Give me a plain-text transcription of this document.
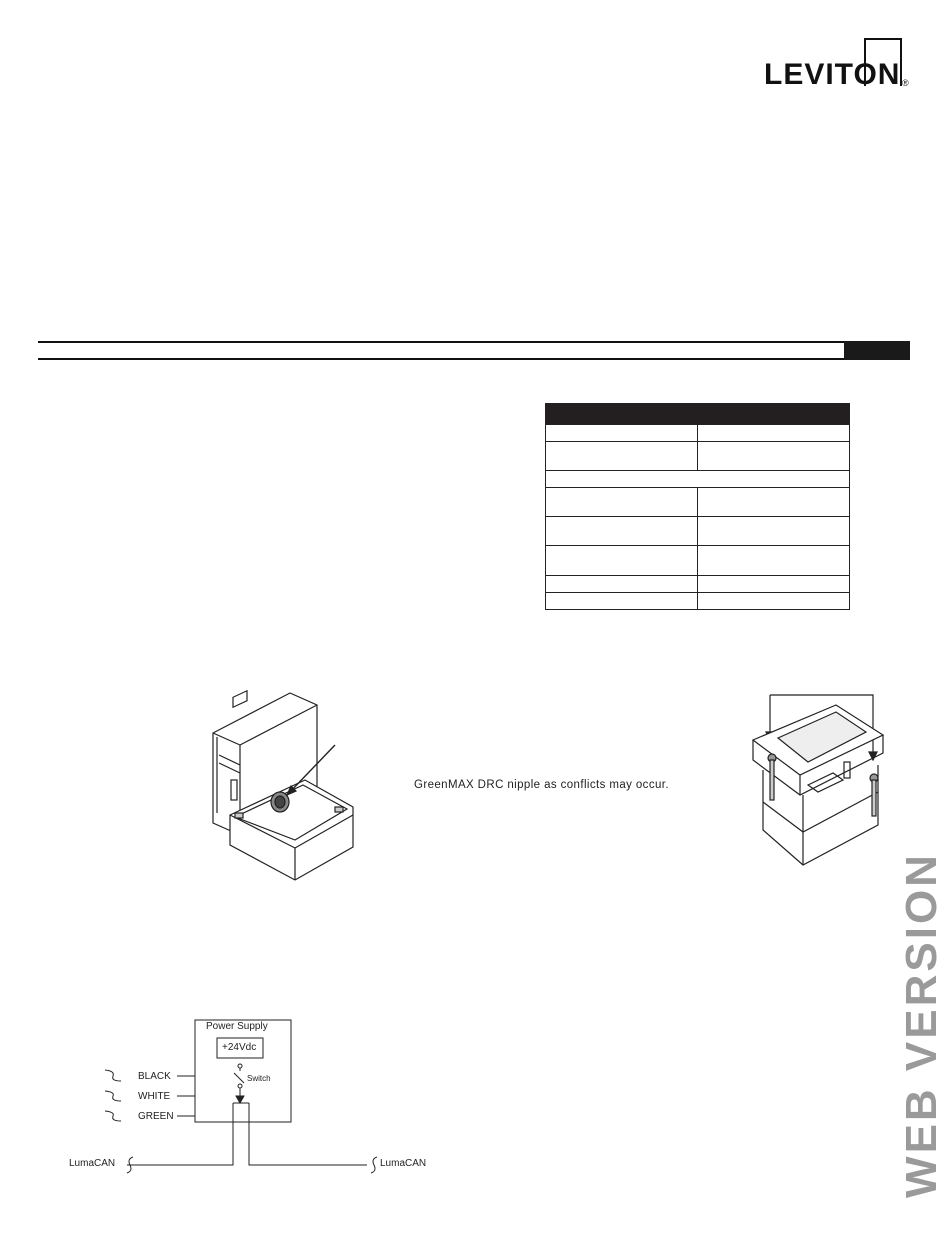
LEVITON ®

GreenMAX DRC nipple as conflicts may occur.
Power Supply
+24Vdc
Switch
BLACK
WHITE
GREEN
LumaCAN	LumaCAN	WEB VERSION
